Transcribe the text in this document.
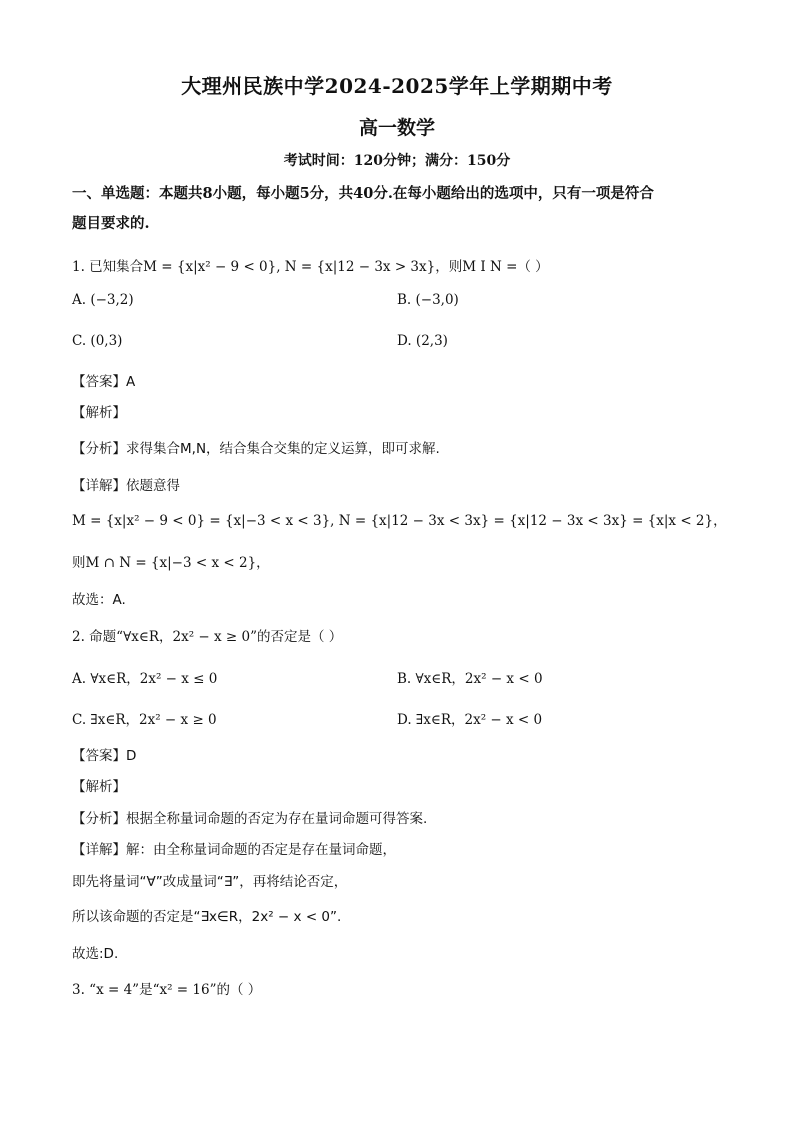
大理州民族中学2024-2025学年上学期期中考
高一数学
考试时间：120分钟；满分：150分
一、单选题：本题共8小题，每小题5分，共40分.在每小题给出的选项中，只有一项是符合
题目要求的.
1. 已知集合M = {x|x² − 9 < 0}, N = {x|12 − 3x > 3x}，则M I N =（ ）
A. (−3,2)	B. (−3,0)
C. (0,3)	D. (2,3)
【答案】A
【解析】
【分析】求得集合M,N，结合集合交集的定义运算，即可求解.
【详解】依题意得
M = {x|x² − 9 < 0} = {x|−3 < x < 3}, N = {x|12 − 3x < 3x} = {x|12 − 3x < 3x} = {x|x < 2}，
则M ∩ N = {x|−3 < x < 2}，
故选：A.
2. 命题“∀x∈R，2x² − x ≥ 0”的否定是（ ）
A. ∀x∈R，2x² − x ≤ 0	B. ∀x∈R，2x² − x < 0
C. ∃x∈R，2x² − x ≥ 0	D. ∃x∈R，2x² − x < 0
【答案】D
【解析】
【分析】根据全称量词命题的否定为存在量词命题可得答案.
【详解】解：由全称量词命题的否定是存在量词命题，
即先将量词“∀”改成量词“∃”，再将结论否定，
所以该命题的否定是“∃x∈R，2x² − x < 0”.
故选:D.
3. “x = 4”是“x² = 16”的（ ）
